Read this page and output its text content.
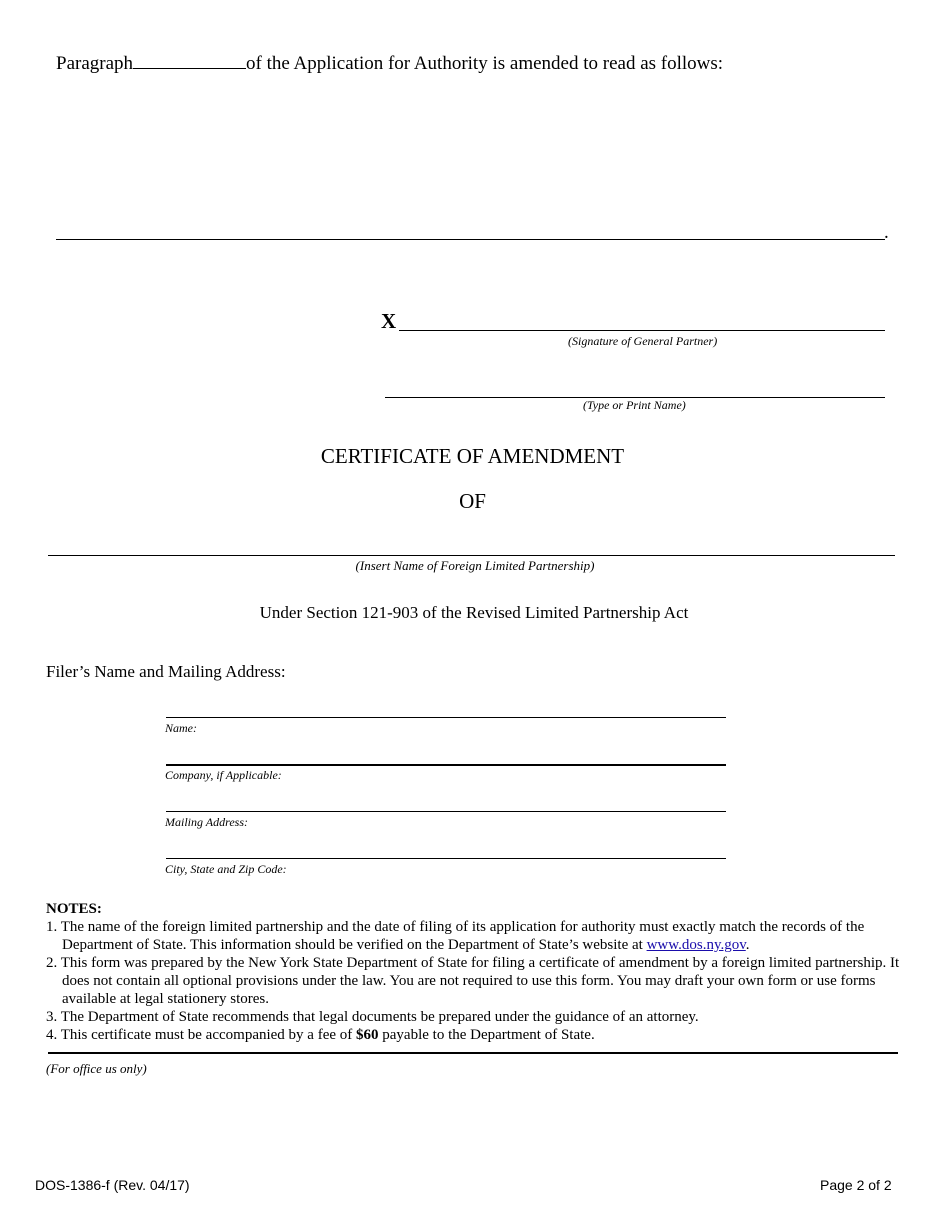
Paragraph	of the Application for Authority is amended to read as follows:
.
X
(Signature of General Partner)
(Type or Print Name)
CERTIFICATE OF AMENDMENT
OF
(Insert Name of Foreign Limited Partnership)
Under Section 121-903 of the Revised Limited Partnership Act
Filer’s Name and Mailing Address:
Name:
Company, if Applicable:
Mailing Address:
City, State and Zip Code:
NOTES:
1. The name of the foreign limited partnership and the date of filing of its application for authority must exactly match the records of the Department of State. This information should be verified on the Department of State’s website at www.dos.ny.gov.
2. This form was prepared by the New York State Department of State for filing a certificate of amendment by a foreign limited partnership. It does not contain all optional provisions under the law. You are not required to use this form. You may draft your own form or use forms available at legal stationery stores.
3. The Department of State recommends that legal documents be prepared under the guidance of an attorney.
4. This certificate must be accompanied by a fee of $60 payable to the Department of State.
(For office us only)
DOS-1386-f (Rev. 04/17)	Page 2 of 2
